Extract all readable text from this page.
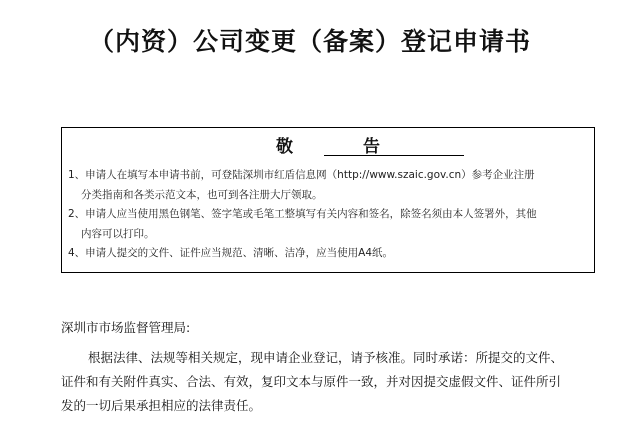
（内资）公司变更（备案）登记申请书
敬告
1、申请人在填写本申请书前，可登陆深圳市红盾信息网（http://www.szaic.gov.cn）参考企业注册
分类指南和各类示范文本，也可到各注册大厅领取。
2、申请人应当使用黑色钢笔、签字笔或毛笔工整填写有关内容和签名，除签名须由本人签署外，其他
内容可以打印。
4、申请人提交的文件、证件应当规范、清晰、洁净，应当使用A4纸。
深圳市市场监督管理局:
根据法律、法规等相关规定，现申请企业登记，请予核准。同时承诺：所提交的文件、
证件和有关附件真实、合法、有效，复印文本与原件一致，并对因提交虚假文件、证件所引
发的一切后果承担相应的法律责任。
